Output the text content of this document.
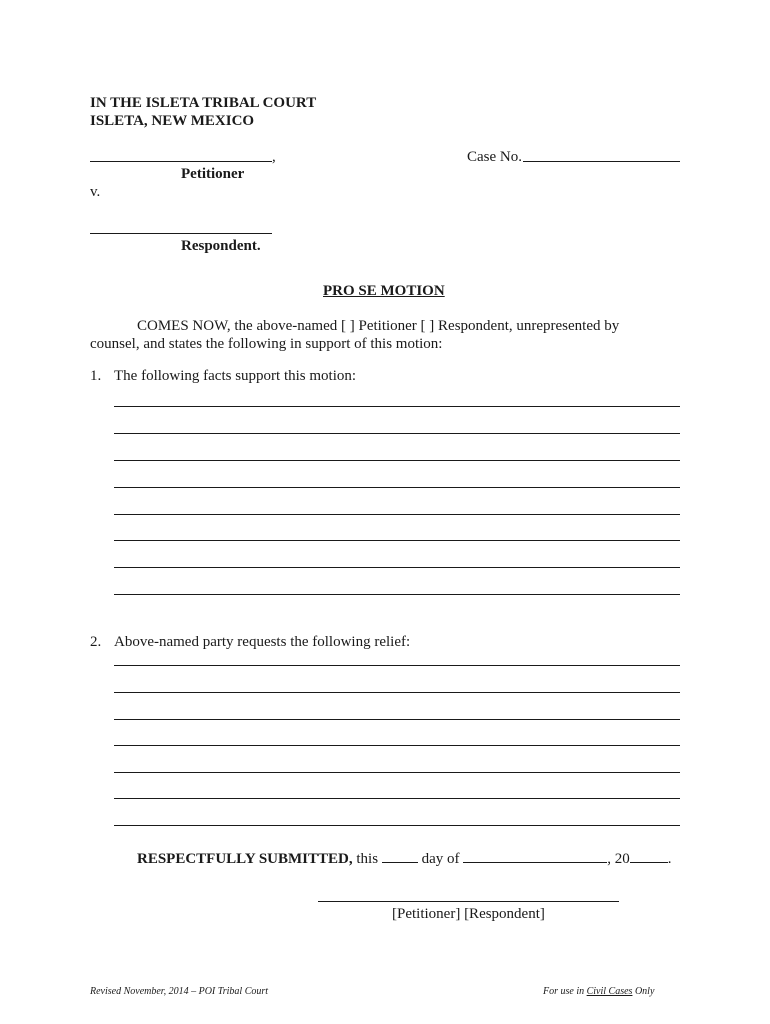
IN THE ISLETA TRIBAL COURT
ISLETA, NEW MEXICO
,
Petitioner
v.
Case No.
Respondent.
PRO SE MOTION
COMES NOW, the above-named [ ] Petitioner [ ] Respondent, unrepresented by
counsel, and states the following in support of this motion:
1. The following facts support this motion:
2. Above-named party requests the following relief:
RESPECTFULLY SUBMITTED, this	day of	, 20	.
[Petitioner] [Respondent]
Revised November, 2014 – POI Tribal Court	For use in Civil Cases Only
